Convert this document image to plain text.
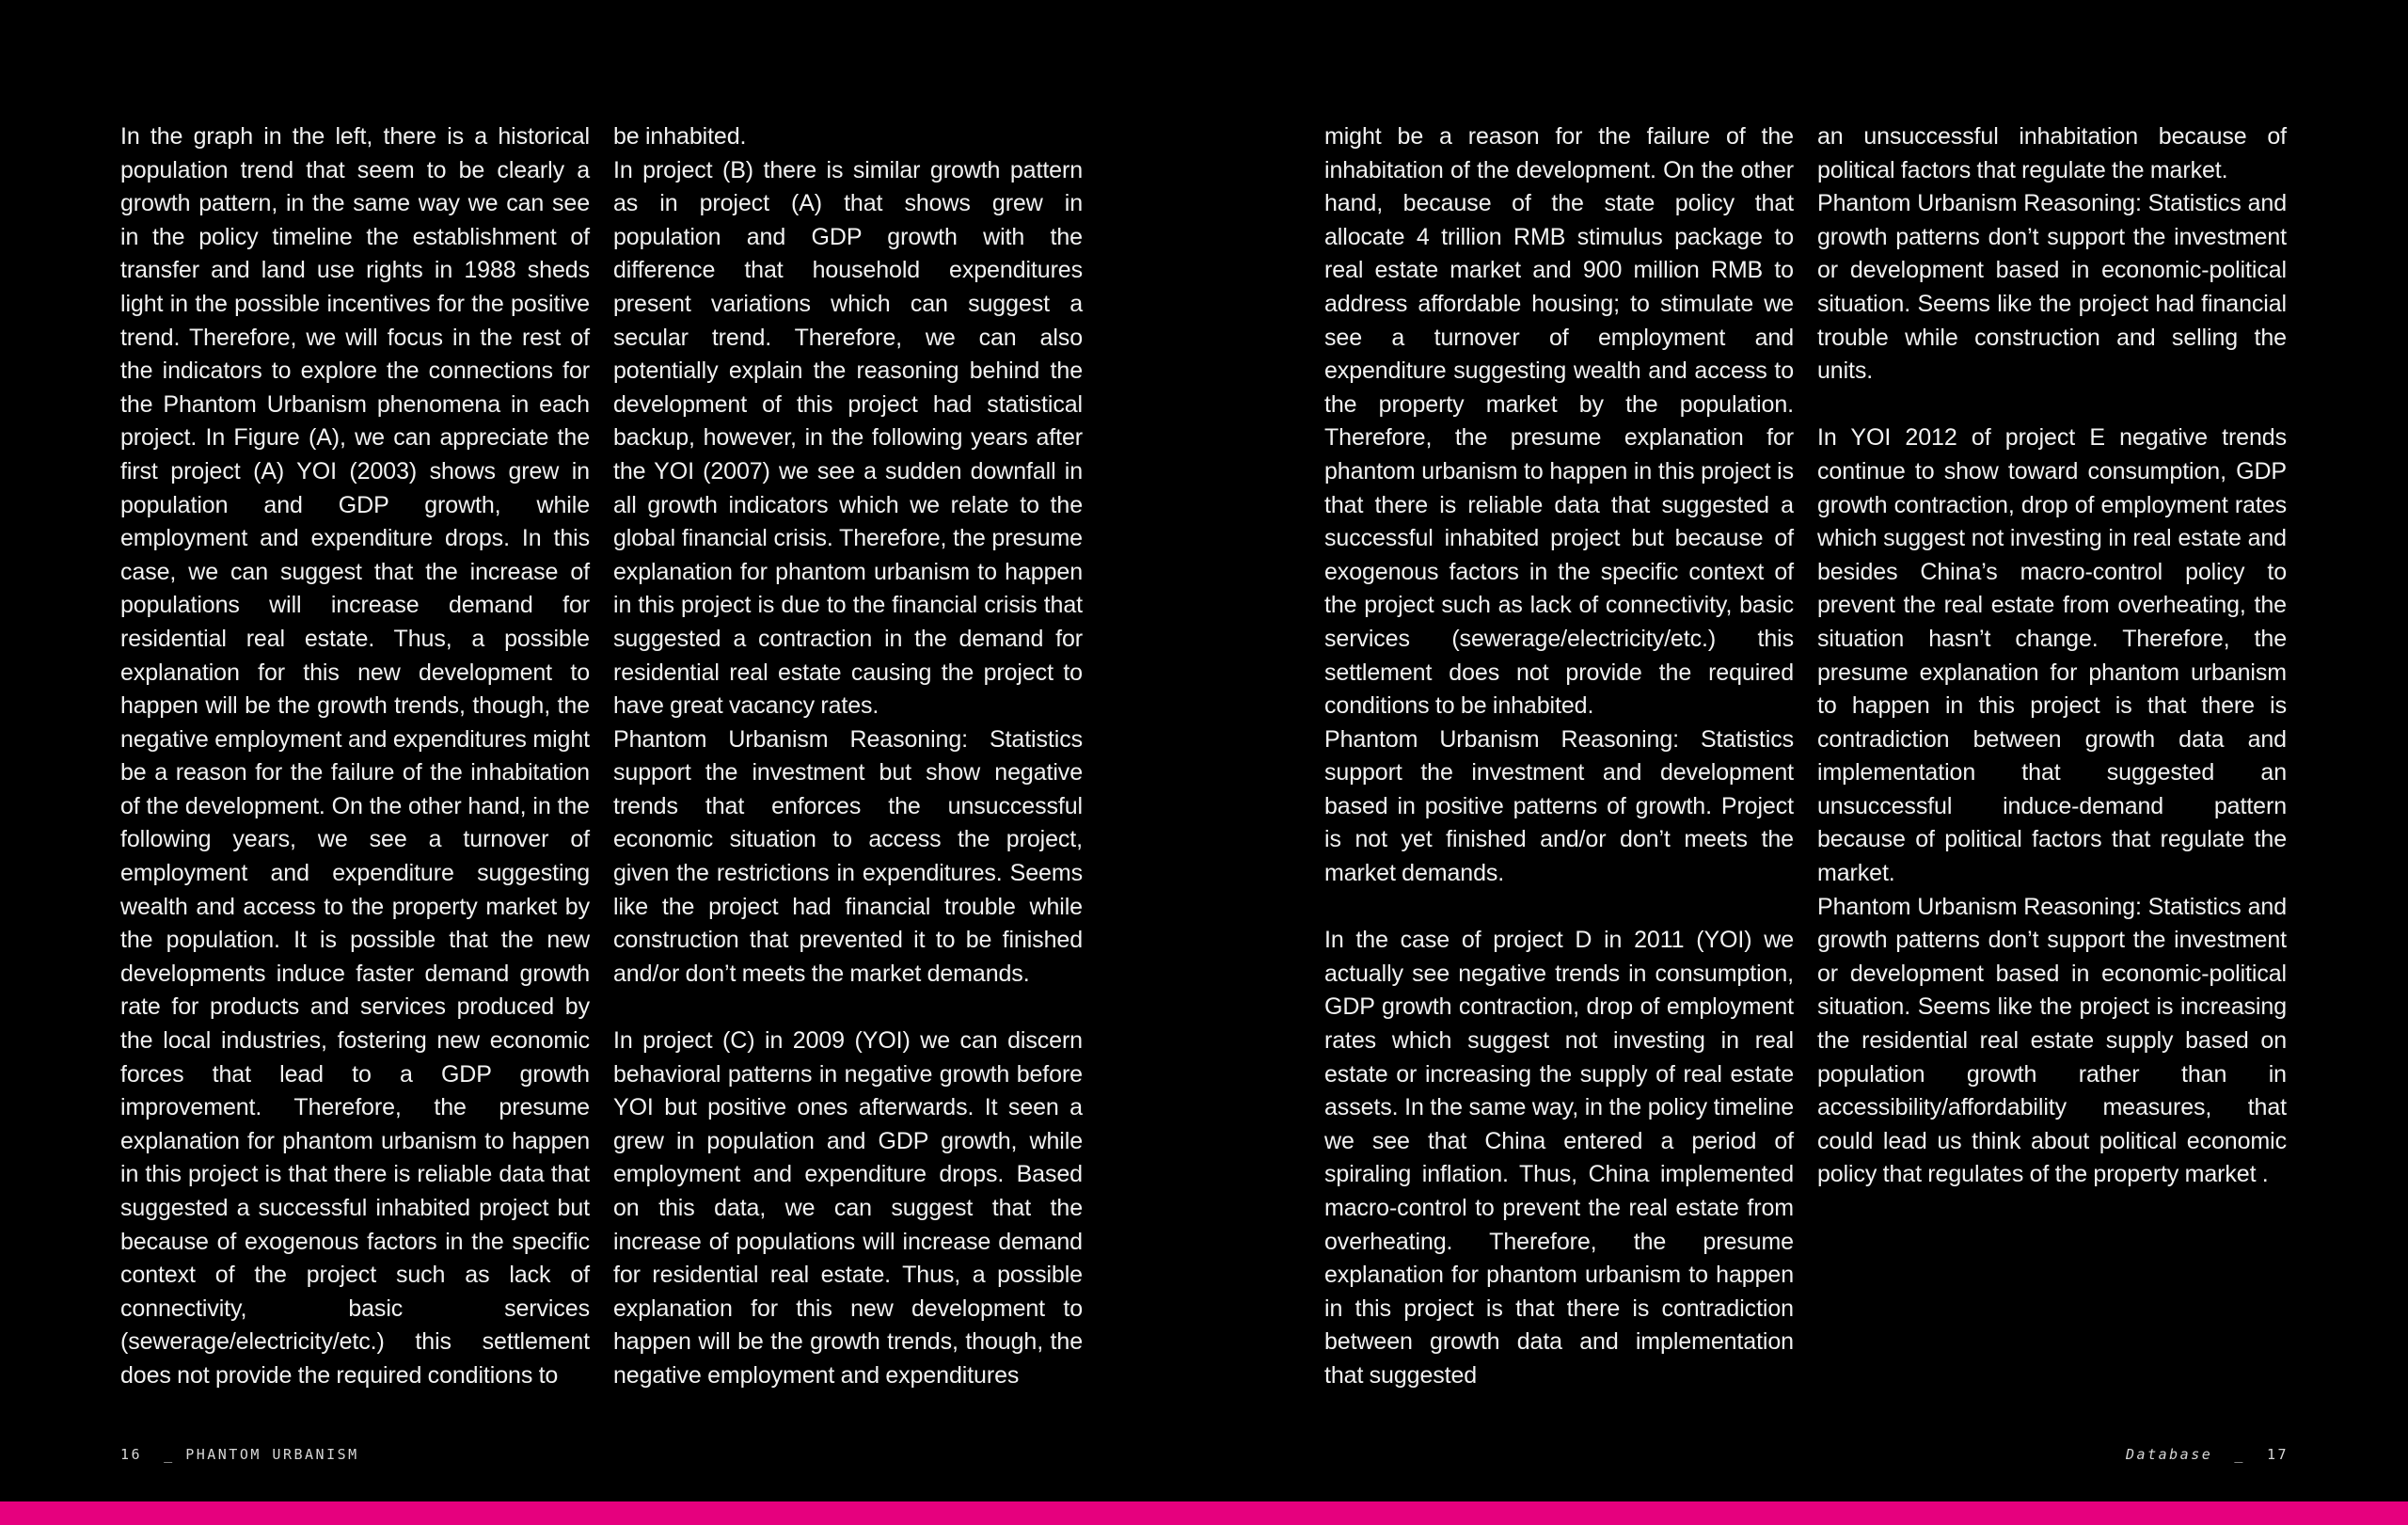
In the graph in the left, there is a historical population trend that seem to be clearly a growth pattern, in the same way we can see in the policy timeline the establishment of transfer and land use rights in 1988 sheds light in the possible incentives for the positive trend. Therefore, we will focus in the rest of the indicators to explore the connections for the Phantom Urbanism phenomena in each project. In Figure (A), we can appreciate the first project (A) YOI (2003) shows grew in population and GDP growth, while employment and expenditure drops. In this case, we can suggest that the increase of populations will increase demand for residential real estate. Thus, a possible explanation for this new development to happen will be the growth trends, though, the negative employment and expenditures might be a reason for the failure of the inhabitation of the development. On the other hand, in the following years, we see a turnover of employment and expenditure suggesting wealth and access to the property market by the population. It is possible that the new developments induce faster demand growth rate for products and services produced by the local industries, fostering new economic forces that lead to a GDP growth improvement. Therefore, the presume explanation for phantom urbanism to happen in this project is that there is reliable data that suggested a successful inhabited project but because of exogenous factors in the specific context of the project such as lack of connectivity, basic services (sewerage/electricity/etc.) this settlement does not provide the required conditions to

be inhabited.

In project (B) there is similar growth pattern as in project (A) that shows grew in population and GDP growth with the difference that household expenditures present variations which can suggest a secular trend. Therefore, we can also potentially explain the reasoning behind the development of this project had statistical backup, however, in the following years after the YOI (2007) we see a sudden downfall in all growth indicators which we relate to the global financial crisis. Therefore, the presume explanation for phantom urbanism to happen in this project is due to the financial crisis that suggested a contraction in the demand for residential real estate causing the project to have great vacancy rates.

Phantom Urbanism Reasoning: Statistics support the investment but show negative trends that enforces the unsuccessful economic situation to access the project, given the restrictions in expenditures. Seems like the project had financial trouble while construction that prevented it to be finished and/or don’t meets the market demands.

In project (C) in 2009 (YOI) we can discern behavioral patterns in negative growth before YOI but positive ones afterwards. It seen a grew in population and GDP growth, while employment and expenditure drops. Based on this data, we can suggest that the increase of populations will increase demand for residential real estate. Thus, a possible explanation for this new development to happen will be the growth trends, though, the negative employment and expenditures

might be a reason for the failure of the inhabitation of the development. On the other hand, because of the state policy that allocate 4 trillion RMB stimulus package to real estate market and 900 million RMB to address affordable housing; to stimulate we see a turnover of employment and expenditure suggesting wealth and access to the property market by the population. Therefore, the presume explanation for phantom urbanism to happen in this project is that there is reliable data that suggested a successful inhabited project but because of exogenous factors in the specific context of the project such as lack of connectivity, basic services (sewerage/electricity/etc.) this settlement does not provide the required conditions to be inhabited.

Phantom Urbanism Reasoning: Statistics support the investment and development based in positive patterns of growth. Project is not yet finished and/or don’t meets the market demands.

In the case of project D in 2011 (YOI) we actually see negative trends in consumption, GDP growth contraction, drop of employment rates which suggest not investing in real estate or increasing the supply of real estate assets. In the same way, in the policy timeline we see that China entered a period of spiraling inflation. Thus, China implemented macro-control to prevent the real estate from overheating. Therefore, the presume explanation for phantom urbanism to happen in this project is that there is contradiction between growth data and implementation that suggested

an unsuccessful inhabitation because of political factors that regulate the market.

Phantom Urbanism Reasoning: Statistics and growth patterns don’t support the investment or development based in economic-political situation. Seems like the project had financial trouble while construction and selling the units.

In YOI 2012 of project E negative trends continue to show toward consumption, GDP growth contraction, drop of employment rates which suggest not investing in real estate and besides China’s macro-control policy to prevent the real estate from overheating, the situation hasn’t change. Therefore, the presume explanation for phantom urbanism to happen in this project is that there is contradiction between growth data and implementation that suggested an unsuccessful induce-demand pattern because of political factors that regulate the market.

Phantom Urbanism Reasoning: Statistics and growth patterns don’t support the investment or development based in economic-political situation. Seems like the project is increasing the residential real estate supply based on population growth rather than in accessibility/affordability measures, that could lead us think about political economic policy that regulates of the property market .

16 _ PHANTOM URBANISM	Database _ 17
